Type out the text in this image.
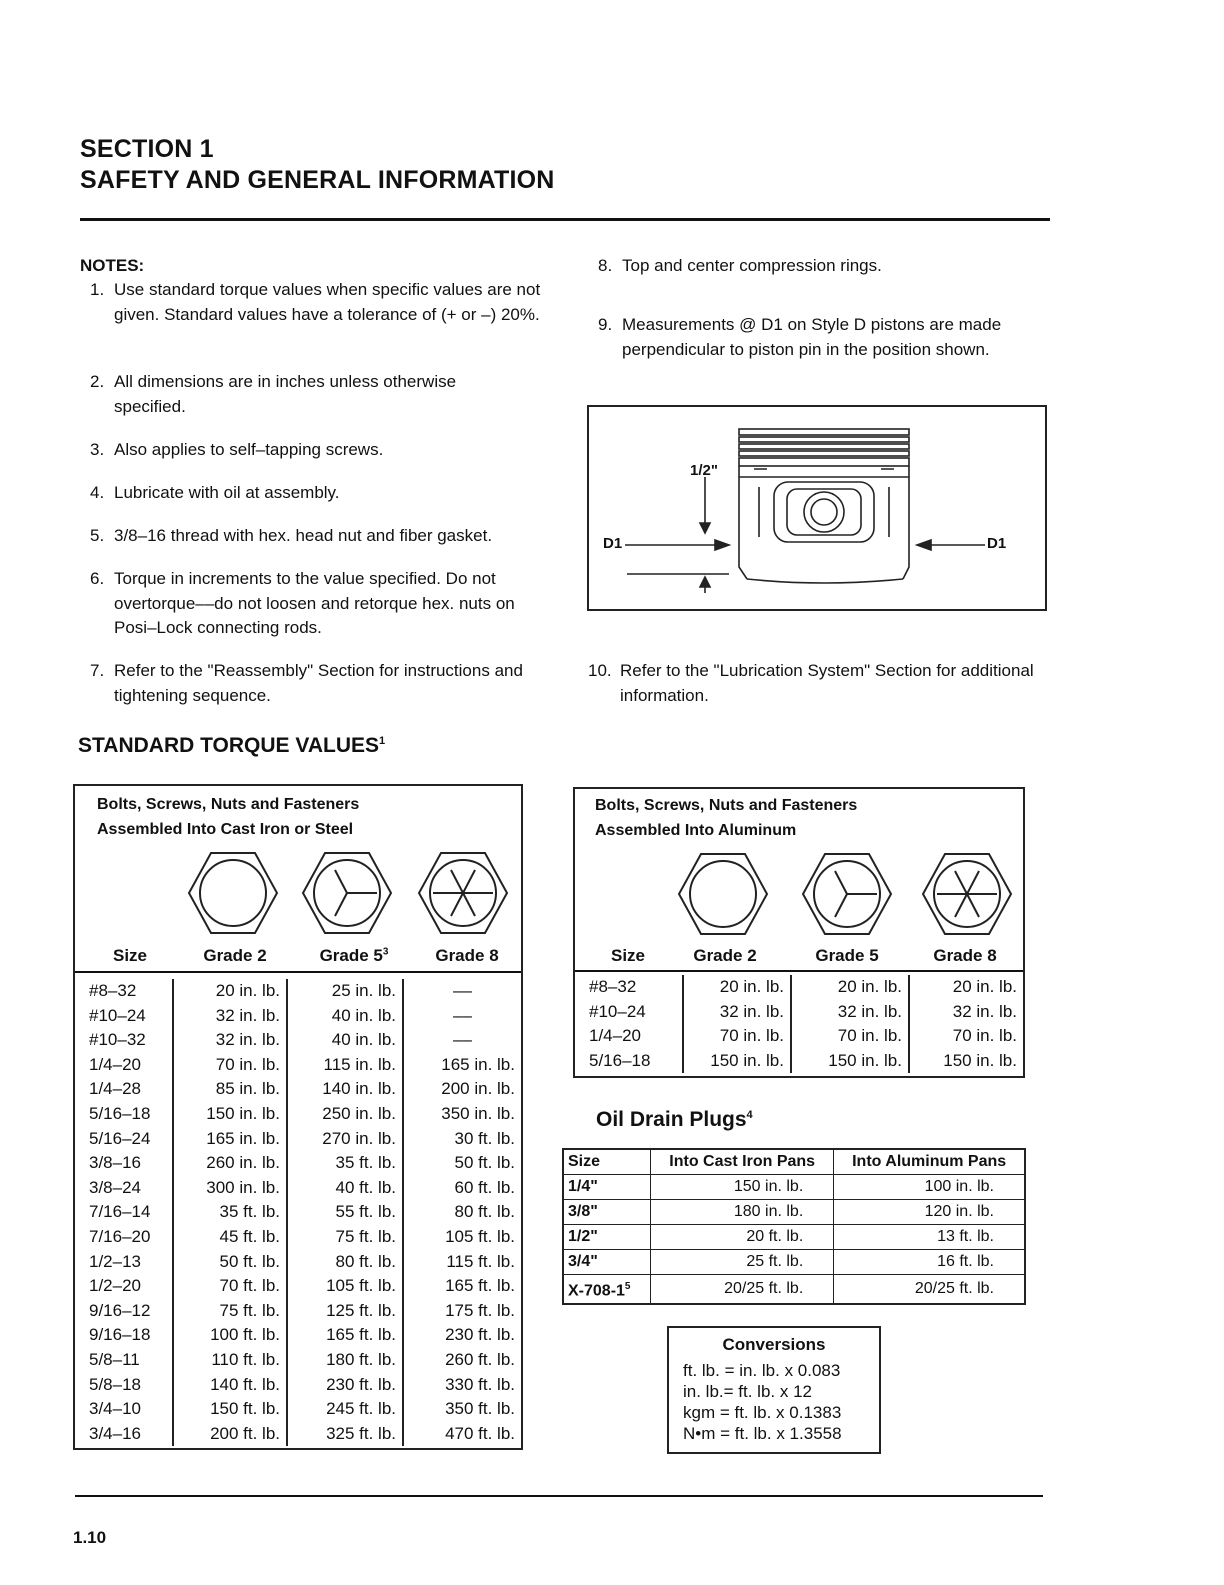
SECTION 1
SAFETY AND GENERAL INFORMATION
NOTES:
1. Use standard torque values when specific values are not given. Standard values have a tolerance of (+ or –) 20%.
2. All dimensions are in inches unless otherwise specified.
3. Also applies to self–tapping screws.
4. Lubricate with oil at assembly.
5. 3/8–16 thread with hex. head nut and fiber gasket.
6. Torque in increments to the value specified. Do not overtorque––do not loosen and retorque hex. nuts on Posi–Lock connecting rods.
7. Refer to the "Reassembly" Section for instructions and tightening sequence.
8. Top and center compression rings.
9. Measurements @ D1 on Style D pistons are made perpendicular to piston pin in the position shown.
10. Refer to the "Lubrication System" Section for additional information.
1/2"
D1	D1
STANDARD TORQUE VALUES$^1$
Bolts, Screws, Nuts and Fasteners
Assembled Into Cast Iron or Steel
Size	Grade 2	Grade $5^3$	Grade 8
#8–32	20 in. lb.	25 in. lb.	––
#10–24	32 in. lb.	40 in. lb.	––
#10–32	32 in. lb.	40 in. lb.	––
1/4–20	70 in. lb.	115 in. lb.	165 in. lb.
1/4–28	85 in. lb.	140 in. lb.	200 in. lb.
5/16–18	150 in. lb.	250 in. lb.	350 in. lb.
5/16–24	165 in. lb.	270 in. lb.	30 ft. lb.
3/8–16	260 in. lb.	35 ft. lb.	50 ft. lb.
3/8–24	300 in. lb.	40 ft. lb.	60 ft. lb.
7/16–14	35 ft. lb.	55 ft. lb.	80 ft. lb.
7/16–20	45 ft. lb.	75 ft. lb.	105 ft. lb.
1/2–13	50 ft. lb.	80 ft. lb.	115 ft. lb.
1/2–20	70 ft. lb.	105 ft. lb.	165 ft. lb.
9/16–12	75 ft. lb.	125 ft. lb.	175 ft. lb.
9/16–18	100 ft. lb.	165 ft. lb.	230 ft. lb.
5/8–11	110 ft. lb.	180 ft. lb.	260 ft. lb.
5/8–18	140 ft. lb.	230 ft. lb.	330 ft. lb.
3/4–10	150 ft. lb.	245 ft. lb.	350 ft. lb.
3/4–16	200 ft. lb.	325 ft. lb.	470 ft. lb.
Bolts, Screws, Nuts and Fasteners
Assembled Into Aluminum
Size	Grade 2	Grade 5	Grade 8
#8–32	20 in. lb.	20 in. lb.	20 in. lb.
#10–24	32 in. lb.	32 in. lb.	32 in. lb.
1/4–20	70 in. lb.	70 in. lb.	70 in. lb.
5/16–18	150 in. lb.	150 in. lb.	150 in. lb.
Oil Drain Plugs$^4$
Size	Into Cast Iron Pans	Into Aluminum Pans
1/4"	150 in. lb.	100 in. lb.
3/8"	180 in. lb.	120 in. lb.
1/2"	20 ft. lb.	13 ft. lb.
3/4"	25 ft. lb.	16 ft. lb.
$X-708-1^5$	20/25 ft. lb.	20/25 ft. lb.
Conversions
ft. lb. = in. lb. x 0.083
in. lb.= ft. lb. x 12
kgm = ft. lb. x 0.1383
N•m = ft. lb. x 1.3558
1.10
